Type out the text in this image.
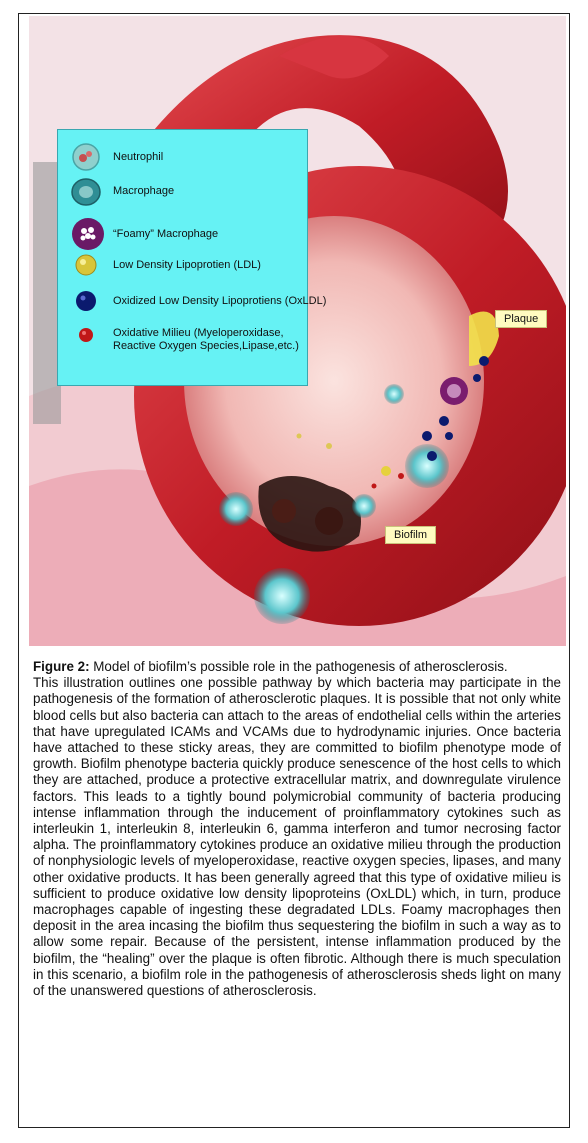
Neutrophil
Macrophage
“Foamy” Macrophage
Low Density Lipoprotien (LDL)
Oxidized Low Density Lipoprotiens (OxLDL)
Oxidative Milieu (Myeloperoxidase,
Reactive Oxygen Species,Lipase,etc.)
Plaque
Biofilm

Figure 2: Model of biofilm’s possible role in the pathogenesis of atherosclerosis.

This illustration outlines one possible pathway by which bacteria may participate in the pathogenesis of the formation of atherosclerotic plaques. It is possible that not only white blood cells but also bacteria can attach to the areas of endothelial cells within the arteries that have upregulated ICAMs and VCAMs due to hydrodynamic injuries. Once bacteria have attached to these sticky areas, they are committed to biofilm phenotype mode of growth. Biofilm phenotype bacteria quickly produce senescence of the host cells to which they are attached, produce a protective extracellular matrix, and downregulate virulence factors. This leads to a tightly bound polymicrobial community of bacteria producing intense inflammation through the inducement of proinflammatory cytokines such as interleukin 1, interleukin 8, interleukin 6, gamma interferon and tumor necrosing factor alpha. The proinflammatory cytokines produce an oxidative milieu through the production of nonphysiologic levels of myeloperoxidase, reactive oxygen species, lipases, and many other oxidative products. It has been generally agreed that this type of oxidative milieu is sufficient to produce oxidative low density lipoproteins (OxLDL) which, in turn, produce macrophages capable of ingesting these degradated LDLs. Foamy macrophages then deposit in the area incasing the biofilm thus sequestering the biofilm in such a way as to allow some repair. Because of the persistent, intense inflammation produced by the biofilm, the “healing” over the plaque is often fibrotic. Although there is much speculation in this scenario, a biofilm role in the pathogenesis of atherosclerosis sheds light on many of the unanswered questions of atherosclerosis.
